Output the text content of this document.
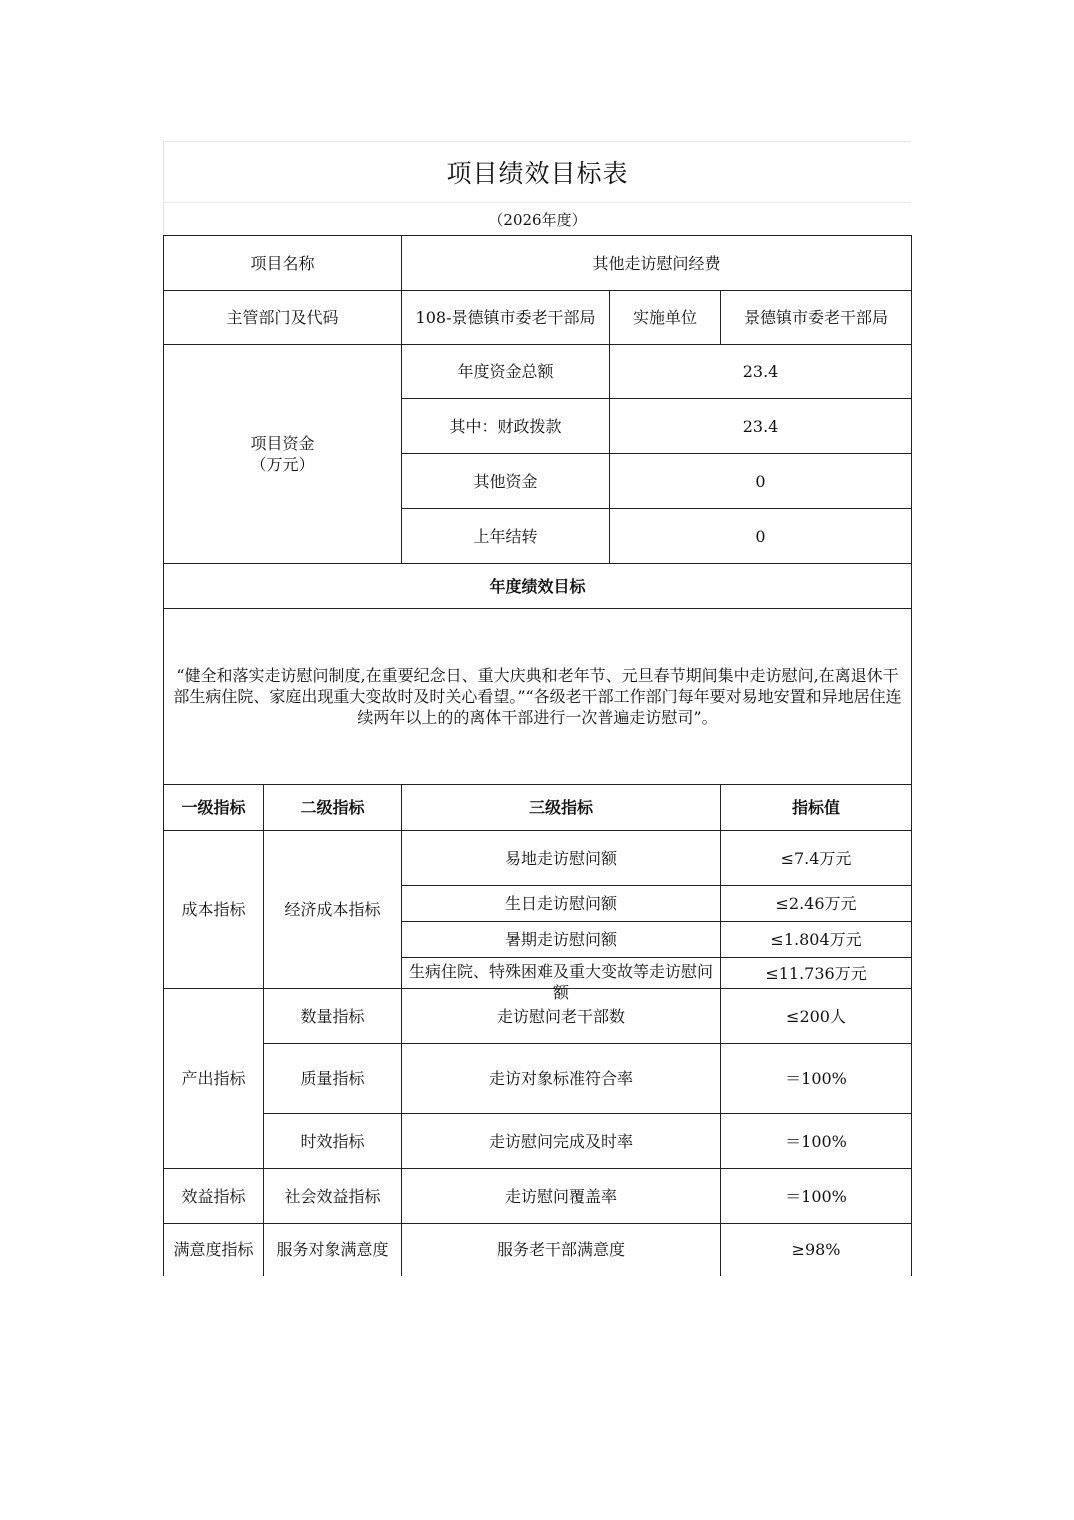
项目绩效目标表
（2026年度）
项目名称		其他走访慰问经费		
主管部门及代码		108-景德镇市委老干部局	实施单位	景德镇市委老干部局

项目资金
（万元）		年度资金总额	23.4	
		其中：财政拨款	23.4	
		其他资金	0	
		上年结转	0	
年度绩效目标				
“健全和落实走访慰问制度,在重要纪念日、重大庆典和老年节、元旦春节期间集中走访慰问,在离退休干部生病住院、家庭出现重大变故时及时关心看望。”“各级老干部工作部门每年要对易地安置和异地居住连续两年以上的的离体干部进行一次普遍走访慰司”。				
一级指标	二级指标	三级指标		指标值
成本指标	经济成本指标	易地走访慰问额		≤7.4万元
		生日走访慰问额		≤2.46万元
		暑期走访慰问额		≤1.804万元

		生病住院、特殊困难及重大变故等走访慰问额		≤11.736万元
产出指标	数量指标	走访慰问老干部数		≤200人
	质量指标	走访对象标准符合率		＝100%
	时效指标	走访慰问完成及时率		＝100%
效益指标	社会效益指标	走访慰问覆盖率		＝100%
满意度指标	服务对象满意度	服务老干部满意度		≥98%
